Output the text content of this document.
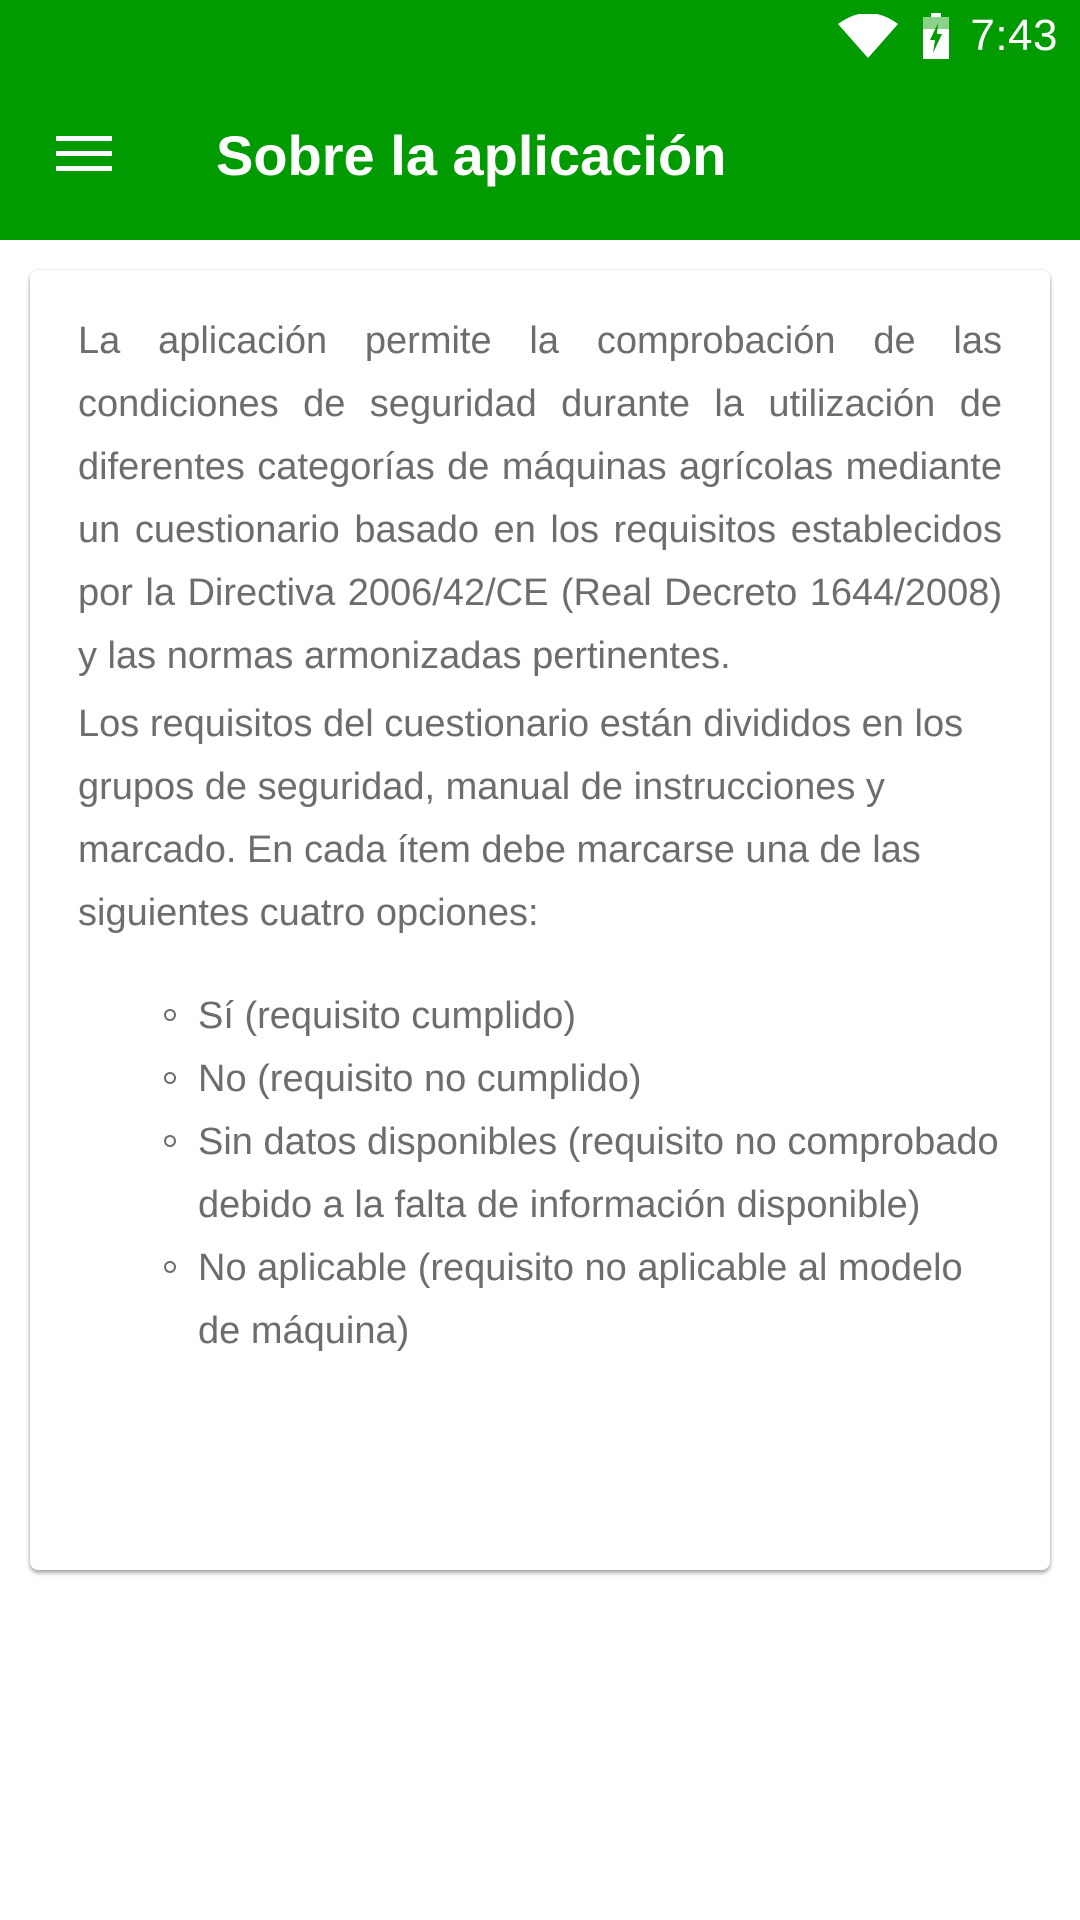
7:43
Sobre la aplicación

La aplicación permite la comprobación de las condiciones de seguridad durante la utilización de diferentes categorías de máquinas agrícolas mediante un cuestionario basado en los requisitos establecidos por la Directiva 2006/42/CE (Real Decreto 1644/2008) y las normas armonizadas pertinentes.

Los requisitos del cuestionario están divididos en los grupos de seguridad, manual de instrucciones y marcado. En cada ítem debe marcarse una de las siguientes cuatro opciones:

Sí (requisito cumplido)
No (requisito no cumplido)
Sin datos disponibles (requisito no comprobado debido a la falta de información disponible)
No aplicable (requisito no aplicable al modelo de máquina)
